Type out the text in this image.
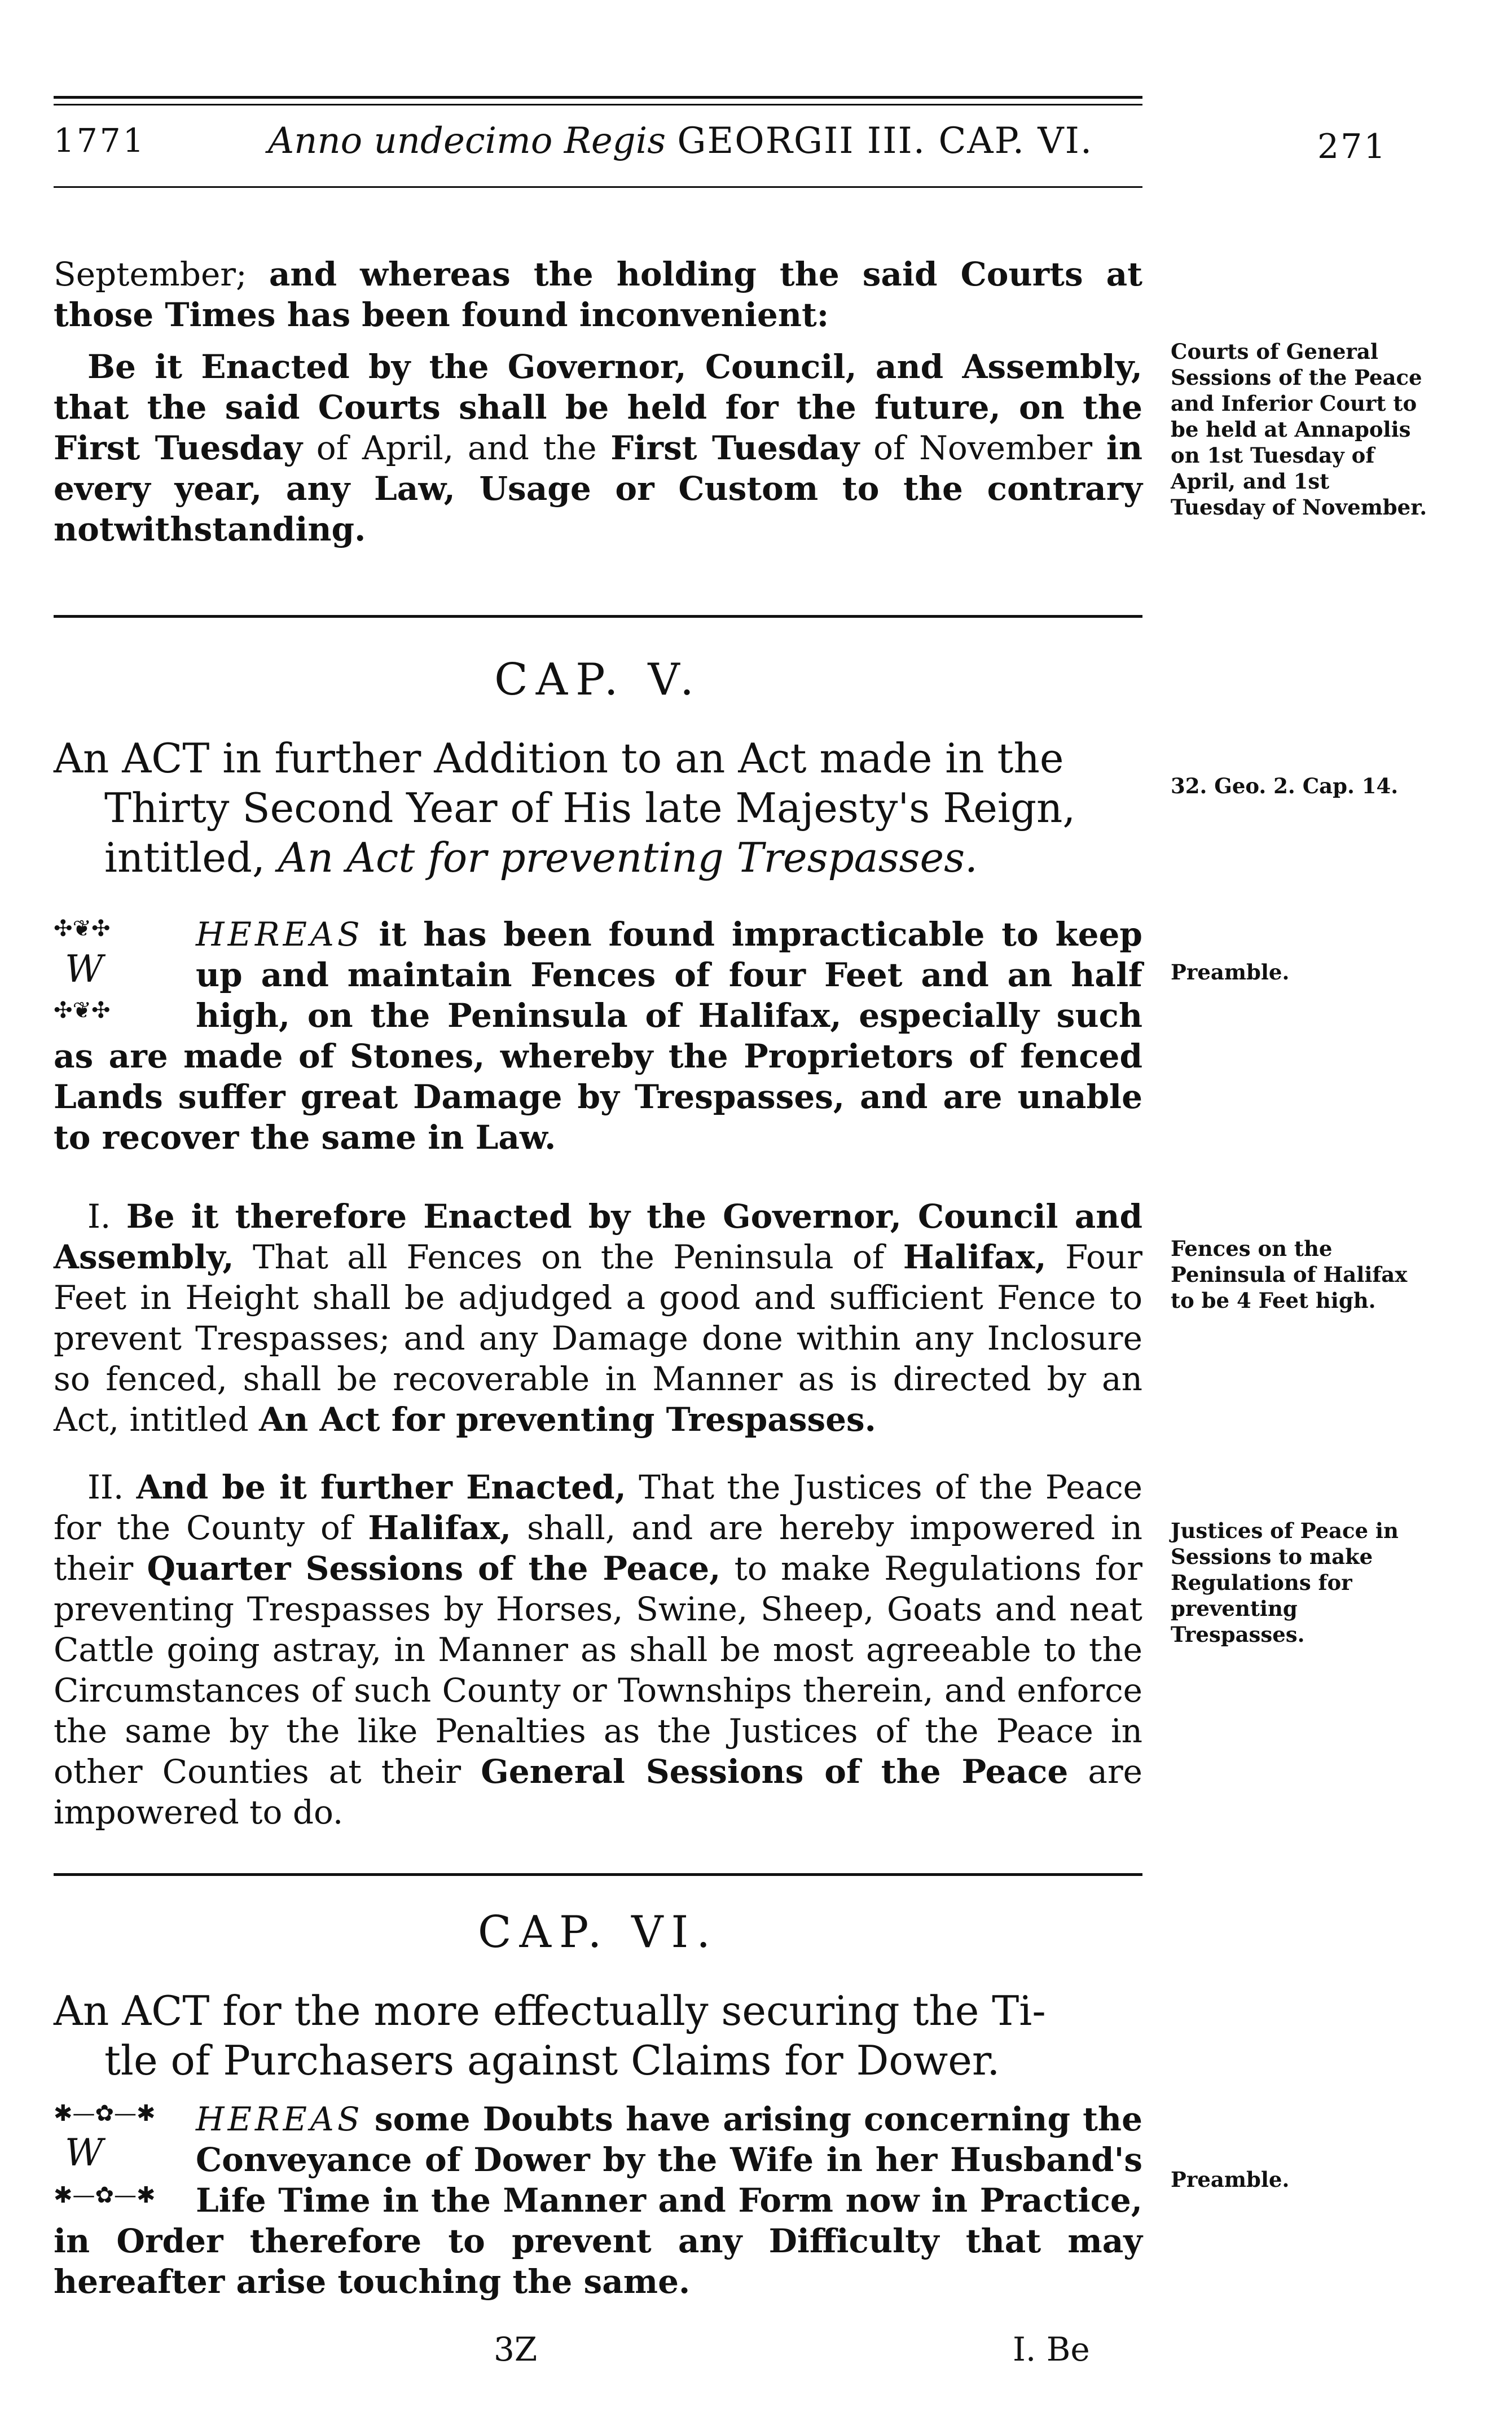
1771	Anno undecimo Regis GEORGII III. CAP. VI.	271

September; and whereas the holding the said Courts at those Times has been found inconvenient:

Be it Enacted by the Governor, Council, and Assembly, that the said Courts shall be held for the future, on the First Tuesday of April, and the First Tuesday of November in every year, any Law, Usage or Custom to the contrary notwithstanding.

Courts of General Sessions of the Peace and Inferior Court to be held at Annapolis on 1st Tuesday of April, and 1st Tuesday of November.
CAP. V.
An ACT in further Addition to an Act made in the
Thirty Second Year of His late Majesty's Reign,
intitled, An Act for preventing Trespasses.
32. Geo. 2. Cap. 14.
✣❦✣
W
✣❦✣

HEREAS it has been found impracticable to keep up and maintain Fences of four Feet and an half high, on the Peninsula of Halifax, especially such as are made of Stones, whereby the Proprietors of fenced Lands suffer great Damage by Trespasses, and are unable to recover the same in Law.

Preamble.

I. Be it therefore Enacted by the Governor, Council and Assembly, That all Fences on the Peninsula of Halifax, Four Feet in Height shall be adjudged a good and sufficient Fence to prevent Trespasses; and any Damage done within any Inclosure so fenced, shall be recoverable in Manner as is directed by an Act, intitled An Act for preventing Trespasses.

Fences on the Peninsula of Halifax to be 4 Feet high.

II. And be it further Enacted, That the Justices of the Peace for the County of Halifax, shall, and are hereby impowered in their Quarter Sessions of the Peace, to make Regulations for preventing Trespasses by Horses, Swine, Sheep, Goats and neat Cattle going astray, in Manner as shall be most agreeable to the Circumstances of such County or Townships therein, and enforce the same by the like Penalties as the Justices of the Peace in other Counties at their General Sessions of the Peace are impowered to do.

Justices of Peace in Sessions to make Regulations for preventing Trespasses.
CAP. VI.
An ACT for the more effectually securing the Ti-
tle of Purchasers against Claims for Dower.
✱—✿—✱
W
✱—✿—✱

HEREAS some Doubts have arising concerning the Conveyance of Dower by the Wife in her Husband's Life Time in the Manner and Form now in Practice, in Order therefore to prevent any Difficulty that may hereafter arise touching the same.

Preamble.
3Z	I. Be
